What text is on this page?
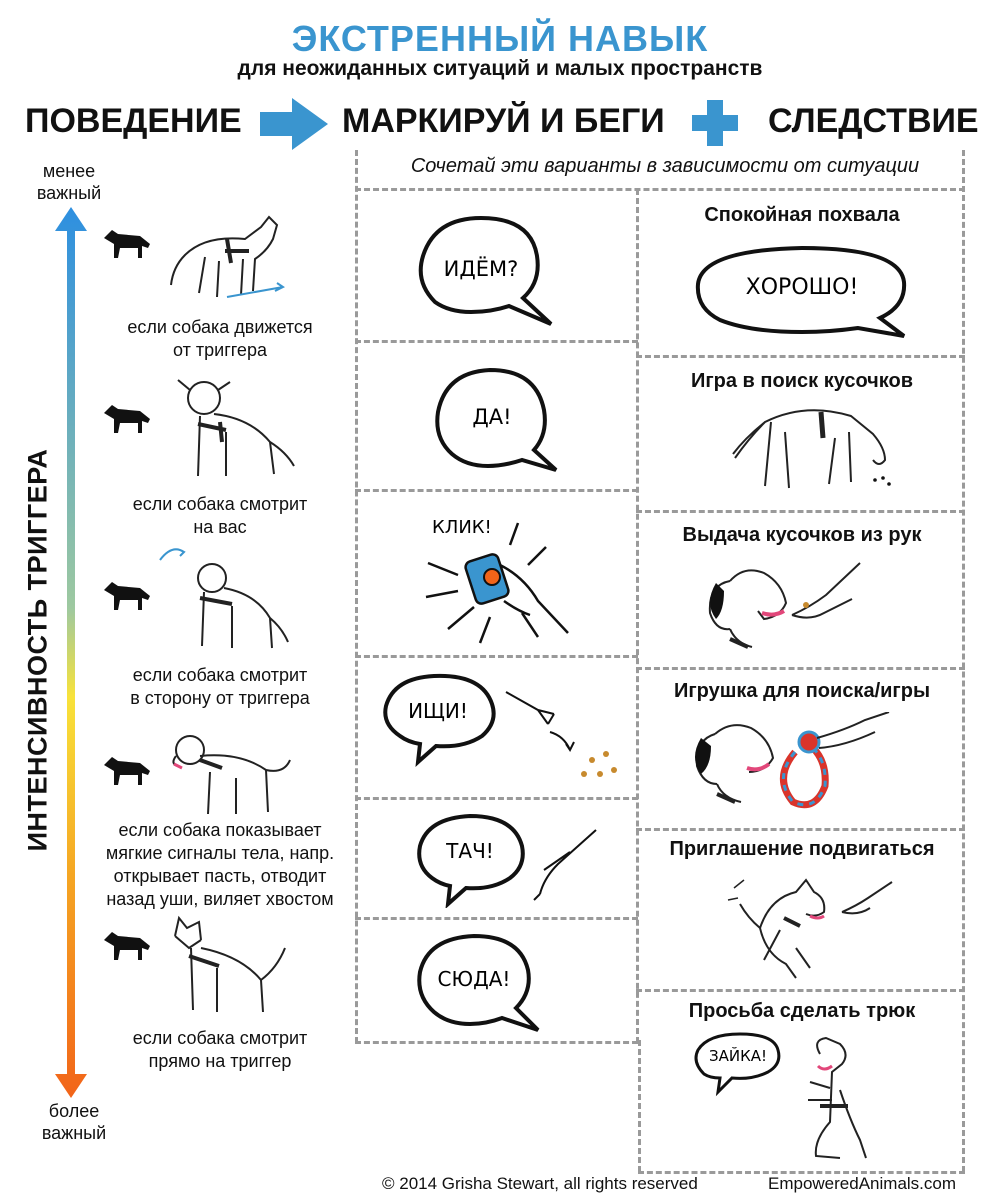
ЭКСТРЕННЫЙ НАВЫК
для неожиданных ситуаций и малых пространств
ПОВЕДЕНИЕ	МАРКИРУЙ И БЕГИ	СЛЕДСТВИЕ
менее
важный
ИНТЕНСИВНОСТЬ ТРИГГЕРА
более
важный
если собака движется
от триггера
если собака смотрит
на вас
если собака смотрит
в сторону от триггера
если собака показывает
мягкие сигналы тела, напр.
открывает пасть, отводит
назад уши, виляет хвостом
если собака смотрит
прямо на триггер
Сочетай эти варианты в зависимости от ситуации
ИДЁМ?
ДА!
КЛИК!
ИЩИ!
ТАЧ!
СЮДА!
Спокойная похвала
ХОРОШО!
Игра в поиск кусочков
Выдача кусочков из рук
Игрушка для поиска/игры
Приглашение подвигаться
Просьба сделать трюк
ЗАЙКА!
© 2014 Grisha Stewart, all rights reserved	EmpoweredAnimals.com
